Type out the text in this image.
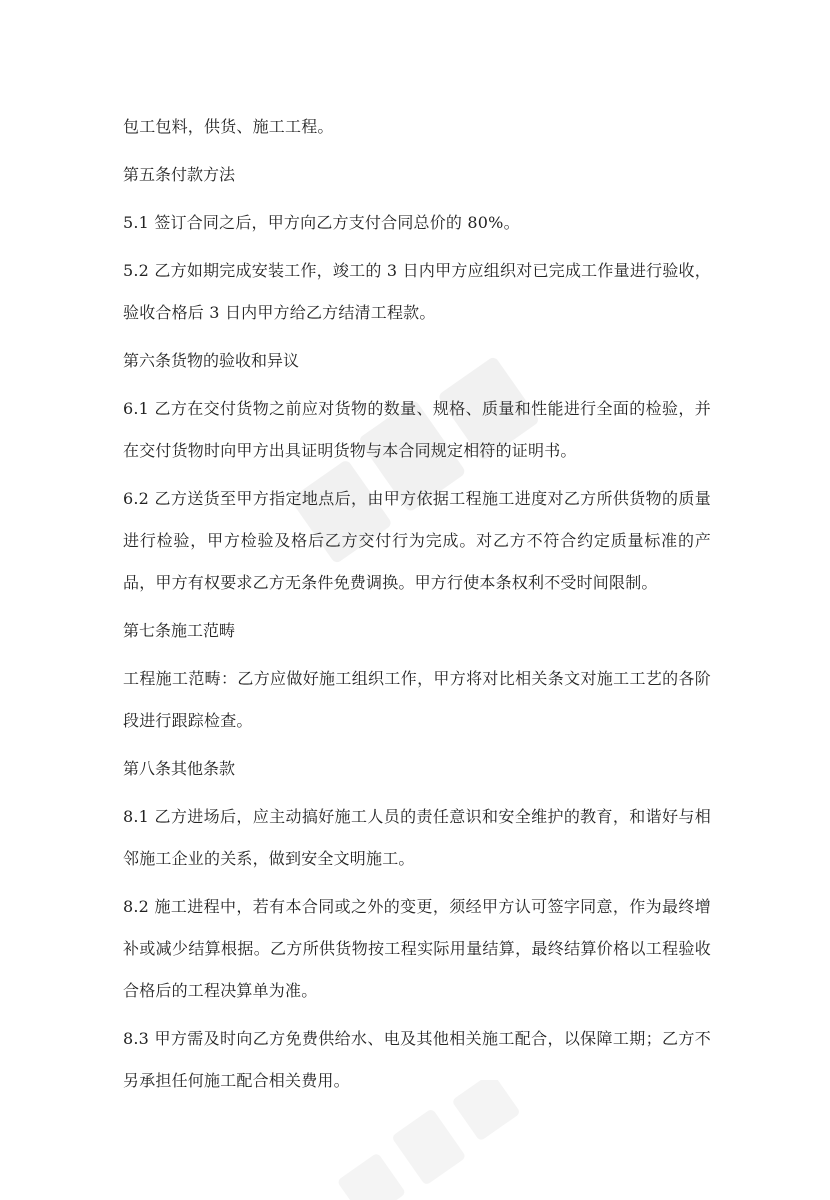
包工包料，供货、施工工程。

第五条付款方法

5.1 签订合同之后，甲方向乙方支付合同总价的 80%。

5.2 乙方如期完成安装工作，竣工的 3 日内甲方应组织对已完成工作量进行验收，验收合格后 3 日内甲方给乙方结清工程款。

第六条货物的验收和异议

6.1 乙方在交付货物之前应对货物的数量、规格、质量和性能进行全面的检验，并在交付货物时向甲方出具证明货物与本合同规定相符的证明书。

6.2 乙方送货至甲方指定地点后，由甲方依据工程施工进度对乙方所供货物的质量进行检验，甲方检验及格后乙方交付行为完成。对乙方不符合约定质量标准的产品，甲方有权要求乙方无条件免费调换。甲方行使本条权利不受时间限制。

第七条施工范畴

工程施工范畴：乙方应做好施工组织工作，甲方将对比相关条文对施工工艺的各阶段进行跟踪检查。

第八条其他条款

8.1 乙方进场后，应主动搞好施工人员的责任意识和安全维护的教育，和谐好与相邻施工企业的关系，做到安全文明施工。

8.2 施工进程中，若有本合同或之外的变更，须经甲方认可签字同意，作为最终增补或减少结算根据。乙方所供货物按工程实际用量结算，最终结算价格以工程验收合格后的工程决算单为准。

8.3 甲方需及时向乙方免费供给水、电及其他相关施工配合，以保障工期；乙方不另承担任何施工配合相关费用。
